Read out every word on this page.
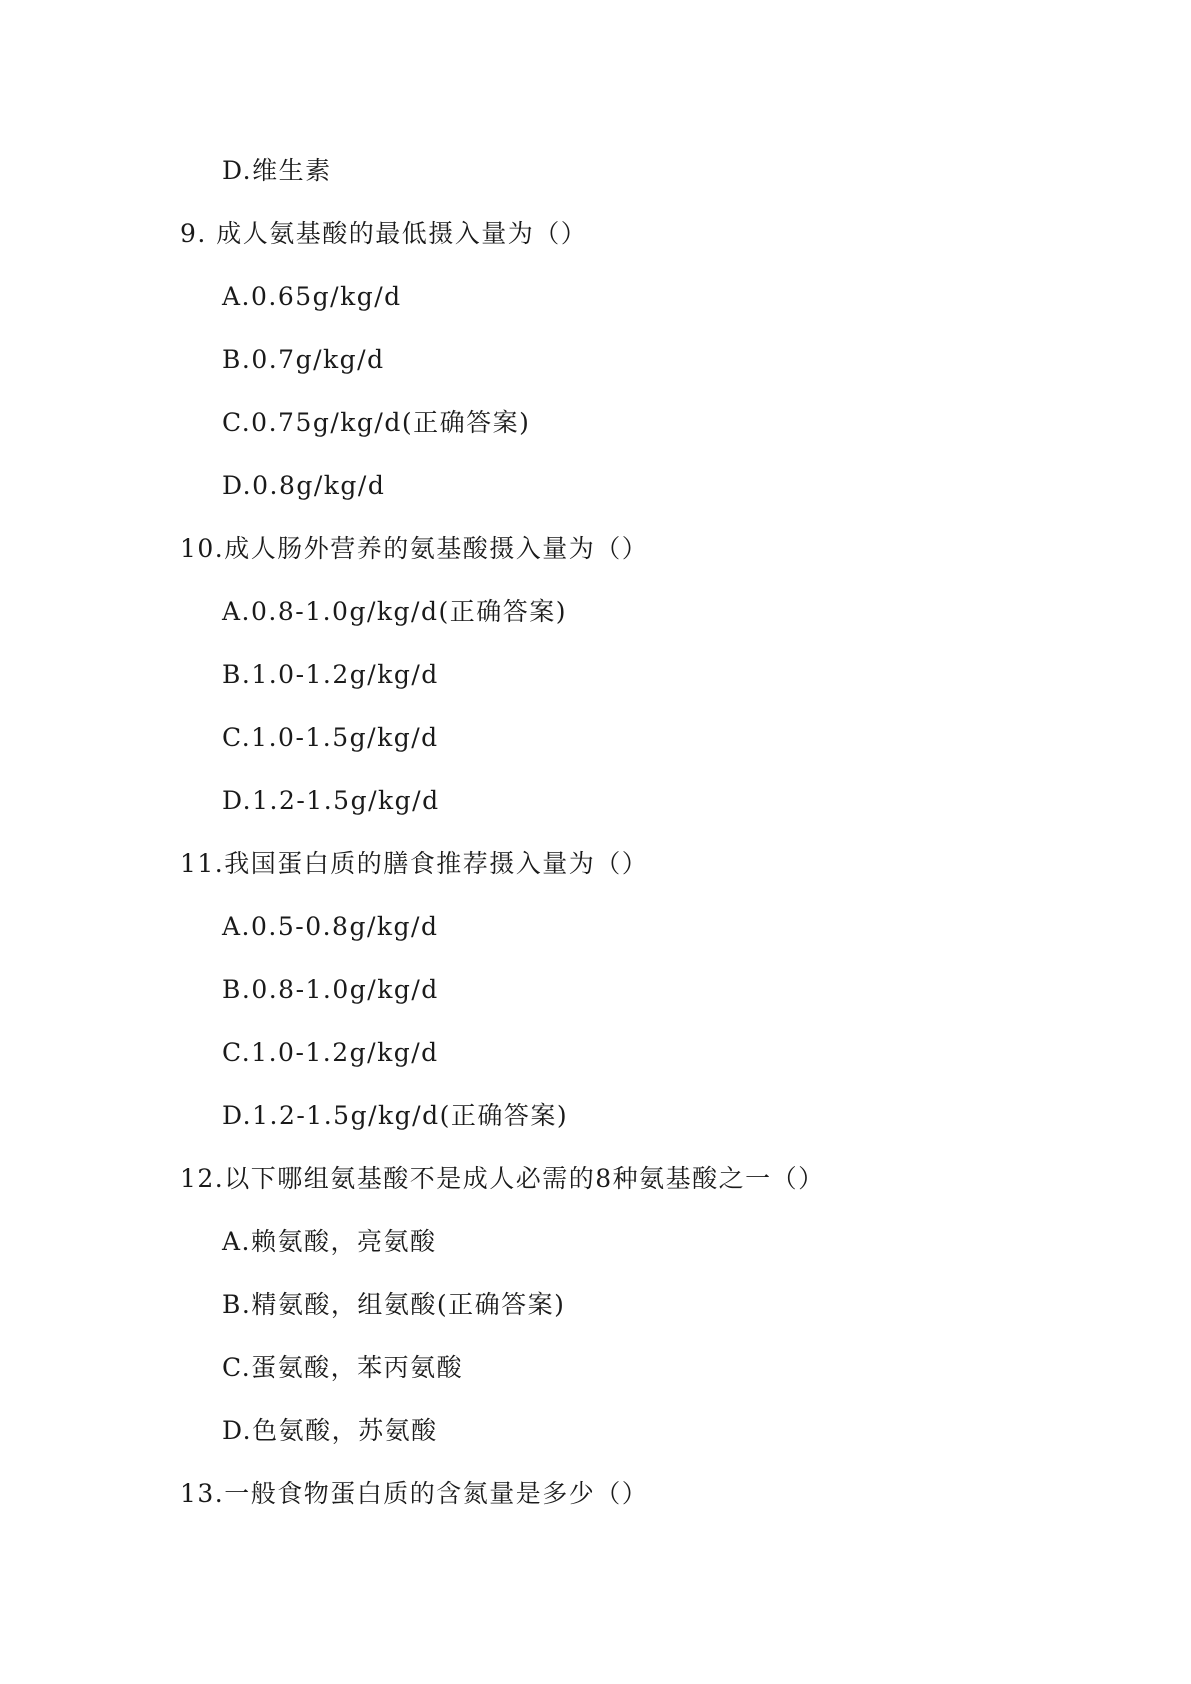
D.维生素
9. 成人氨基酸的最低摄入量为（）
A.0.65g/kg/d
B.0.7g/kg/d
C.0.75g/kg/d(正确答案)
D.0.8g/kg/d
10.成人肠外营养的氨基酸摄入量为（）
A.0.8-1.0g/kg/d(正确答案)
B.1.0-1.2g/kg/d
C.1.0-1.5g/kg/d
D.1.2-1.5g/kg/d
11.我国蛋白质的膳食推荐摄入量为（）
A.0.5-0.8g/kg/d
B.0.8-1.0g/kg/d
C.1.0-1.2g/kg/d
D.1.2-1.5g/kg/d(正确答案)
12.以下哪组氨基酸不是成人必需的8种氨基酸之一（）
A.赖氨酸，亮氨酸
B.精氨酸，组氨酸(正确答案)
C.蛋氨酸，苯丙氨酸
D.色氨酸，苏氨酸
13.一般食物蛋白质的含氮量是多少（）
